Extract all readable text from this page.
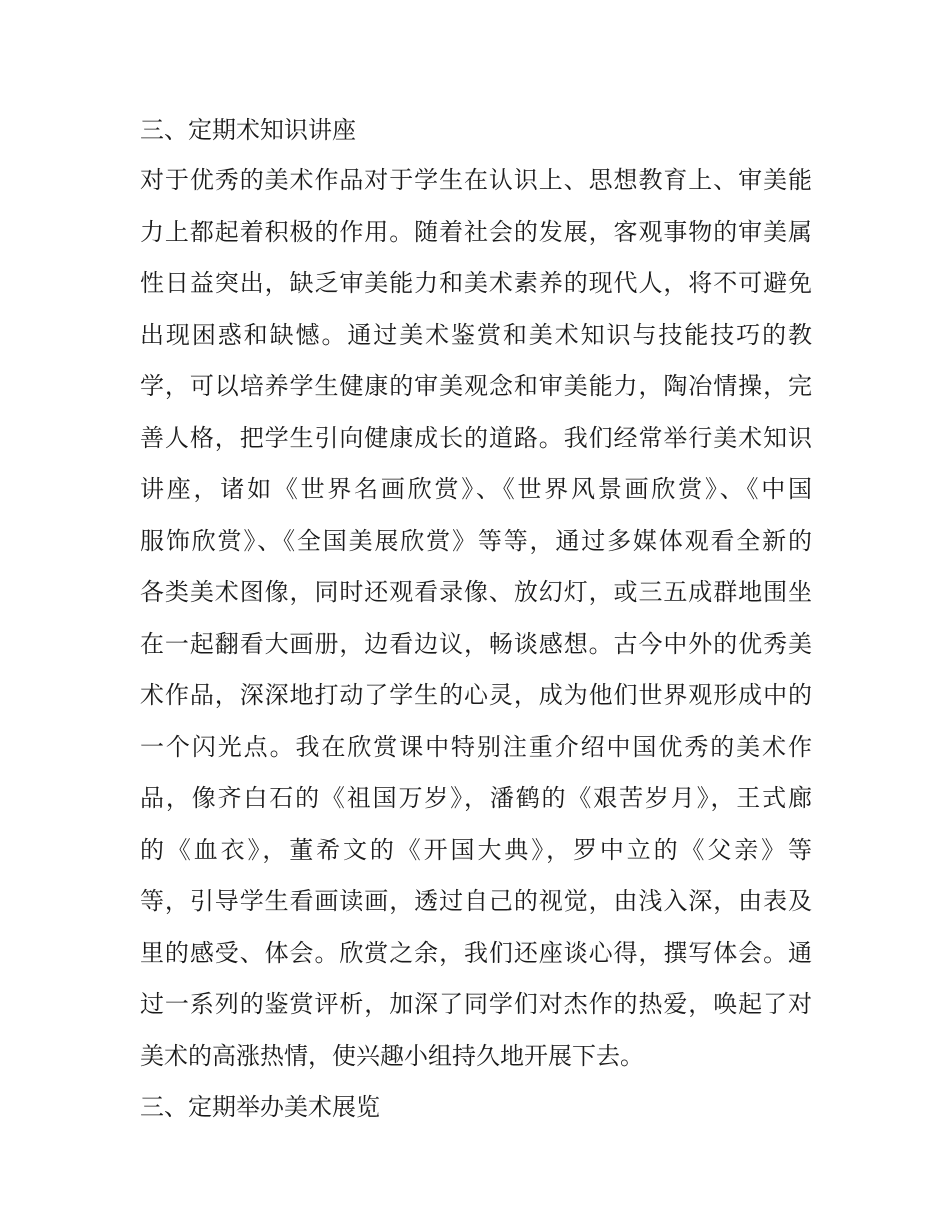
三、定期术知识讲座
对于优秀的美术作品对于学生在认识上、思想教育上、审美能
力上都起着积极的作用。随着社会的发展，客观事物的审美属
性日益突出，缺乏审美能力和美术素养的现代人，将不可避免
出现困惑和缺憾。通过美术鉴赏和美术知识与技能技巧的教
学，可以培养学生健康的审美观念和审美能力，陶冶情操，完
善人格，把学生引向健康成长的道路。我们经常举行美术知识
讲座，诸如《世界名画欣赏》、《世界风景画欣赏》、《中国
服饰欣赏》、《全国美展欣赏》等等，通过多媒体观看全新的
各类美术图像，同时还观看录像、放幻灯，或三五成群地围坐
在一起翻看大画册，边看边议，畅谈感想。古今中外的优秀美
术作品，深深地打动了学生的心灵，成为他们世界观形成中的
一个闪光点。我在欣赏课中特别注重介绍中国优秀的美术作
品，像齐白石的《祖国万岁》，潘鹤的《艰苦岁月》，王式廊
的《血衣》，董希文的《开国大典》，罗中立的《父亲》等
等，引导学生看画读画，透过自己的视觉，由浅入深，由表及
里的感受、体会。欣赏之余，我们还座谈心得，撰写体会。通
过一系列的鉴赏评析，加深了同学们对杰作的热爱，唤起了对
美术的高涨热情，使兴趣小组持久地开展下去。
三、定期举办美术展览
